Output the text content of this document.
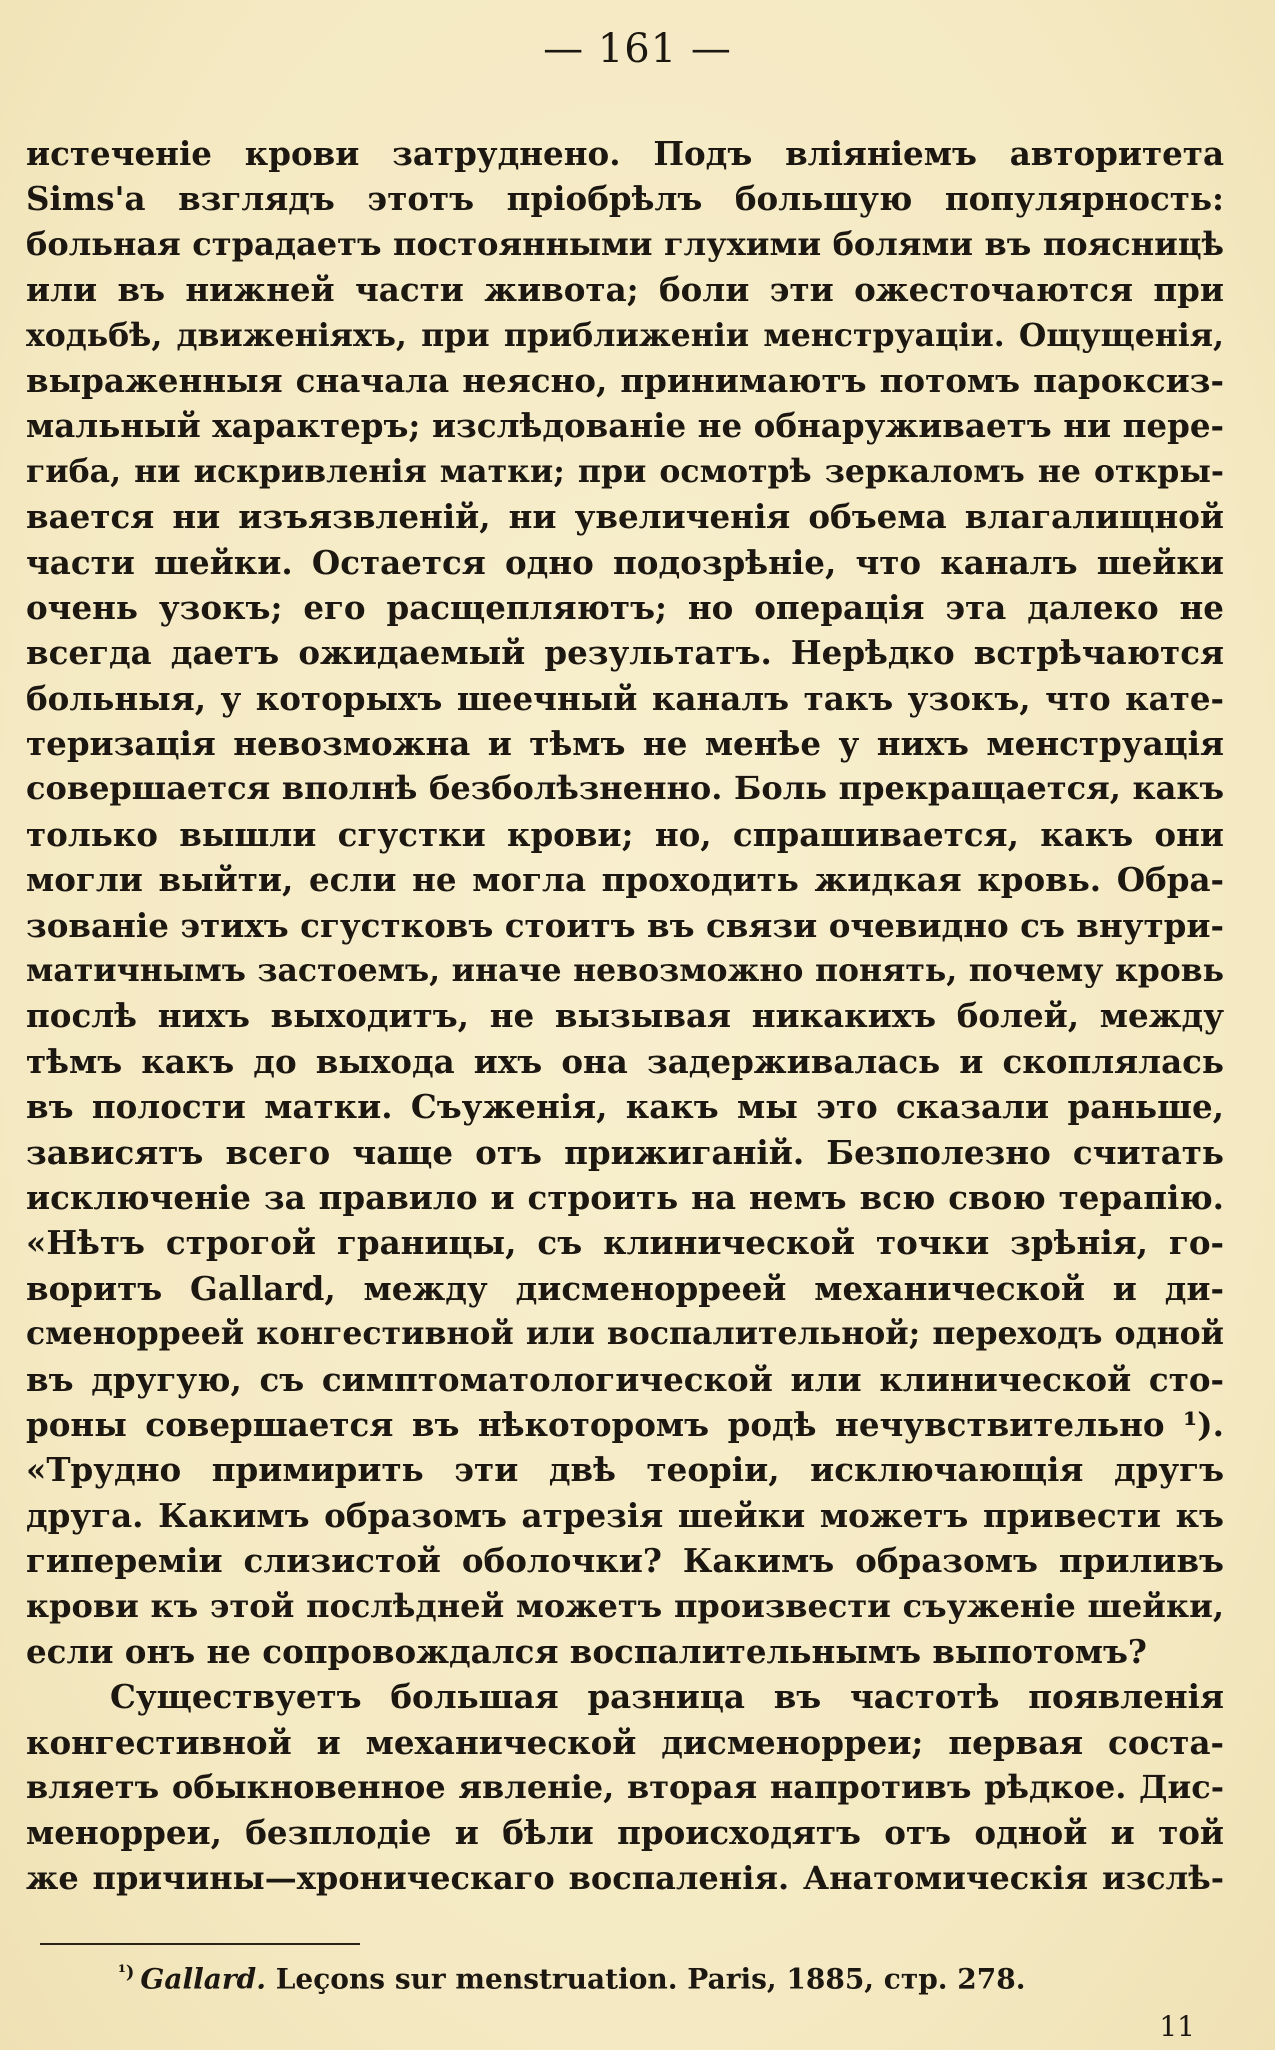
— 161 —
истеченіе крови затруднено. Подъ вліяніемъ авторитета
Sims'а взглядъ этотъ пріобрѣлъ большую популярность:
больная страдаетъ постоянными глухими болями въ поясницѣ
или въ нижней части живота; боли эти ожесточаются при
ходьбѣ, движеніяхъ, при приближеніи менструаціи. Ощущенія,
выраженныя сначала неясно, принимаютъ потомъ пароксиз-
мальный характеръ; изслѣдованіе не обнаруживаетъ ни пере-
гиба, ни искривленія матки; при осмотрѣ зеркаломъ не откры-
вается ни изъязвленій, ни увеличенія объема влагалищной
части шейки. Остается одно подозрѣніе, что каналъ шейки
очень узокъ; его расщепляютъ; но операція эта далеко не
всегда даетъ ожидаемый результатъ. Нерѣдко встрѣчаются
больныя, у которыхъ шеечный каналъ такъ узокъ, что кате-
теризація невозможна и тѣмъ не менѣе у нихъ менструація
совершается вполнѣ безболѣзненно. Боль прекращается, какъ
только вышли сгустки крови; но, спрашивается, какъ они
могли выйти, если не могла проходить жидкая кровь. Обра-
зованіе этихъ сгустковъ стоитъ въ связи очевидно съ внутри-
матичнымъ застоемъ, иначе невозможно понять, почему кровь
послѣ нихъ выходитъ, не вызывая никакихъ болей, между
тѣмъ какъ до выхода ихъ она задерживалась и скоплялась
въ полости матки. Съуженія, какъ мы это сказали раньше,
зависятъ всего чаще отъ прижиганій. Безполезно считать
исключеніе за правило и строить на немъ всю свою терапію.
«Нѣтъ строгой границы, съ клинической точки зрѣнія, го-
воритъ Gallard, между дисменорреей механической и ди-
сменорреей конгестивной или воспалительной; переходъ одной
въ другую, съ симптоматологической или клинической сто-
роны совершается въ нѣкоторомъ родѣ нечувствительно ¹).
«Трудно примирить эти двѣ теоріи, исключающія другъ
друга. Какимъ образомъ атрезія шейки можетъ привести къ
гипереміи слизистой оболочки? Какимъ образомъ приливъ
крови къ этой послѣдней можетъ произвести съуженіе шейки,
если онъ не сопровождался воспалительнымъ выпотомъ?
Существуетъ большая разница въ частотѣ появленія
конгестивной и механической дисменорреи; первая соста-
вляетъ обыкновенное явленіе, вторая напротивъ рѣдкое. Дис-
менорреи, безплодіе и бѣли происходятъ отъ одной и той
же причины—хроническаго воспаленія. Анатомическія изслѣ-
$^{^1)}$ Gallard. Leçons sur menstruation. Paris, 1885, стр. 278.
11
